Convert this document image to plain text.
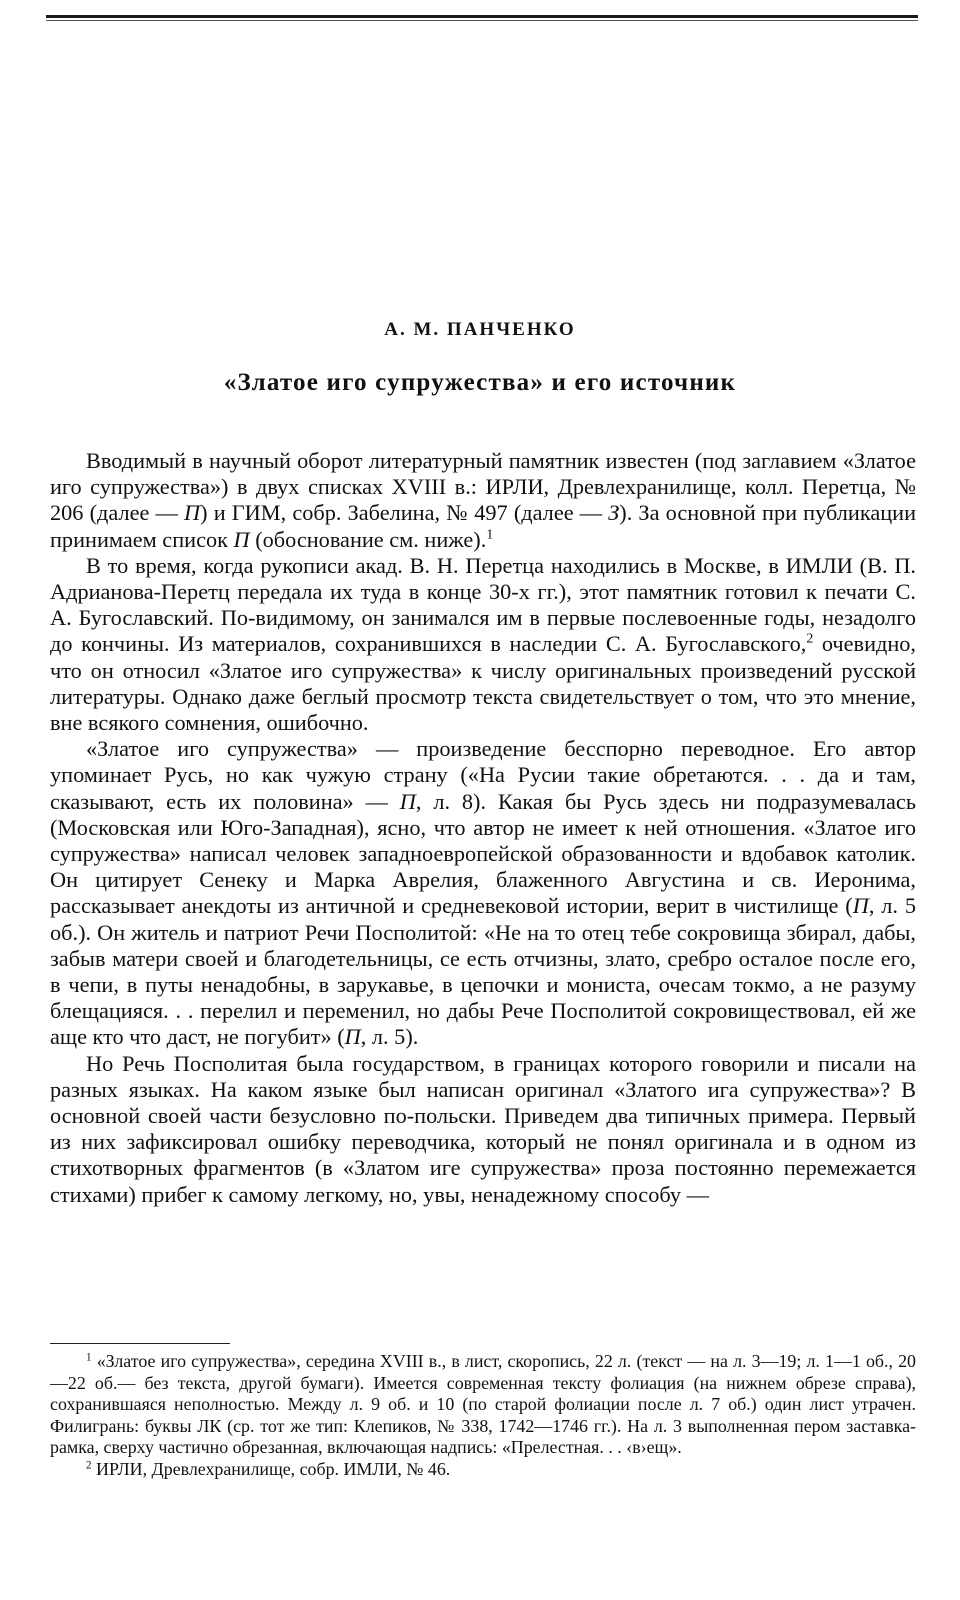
А. М. ПАНЧЕНКО
«Златое иго супружества» и его источник

Вводимый в научный оборот литературный памятник известен (под заглавием «Златое иго супружества») в двух списках XVIII в.: ИРЛИ, Древлехранилище, колл. Перетца, № 206 (далее — П) и ГИМ, собр. Забелина, № 497 (далее — З). За основной при публикации принимаем список П (обоснование см. ниже).$^1$

В то время, когда рукописи акад. В. Н. Перетца находились в Москве, в ИМЛИ (В. П. Адрианова-Перетц передала их туда в конце 30-х гг.), этот памятник готовил к печати С. А. Бугославский. По-видимому, он занимался им в первые послевоенные годы, незадолго до кончины. Из материалов, сохранившихся в наследии С. А. Бугославского,$^2$ очевидно, что он относил «Златое иго супружества» к числу оригинальных произведений русской литературы. Однако даже беглый просмотр текста свидетельствует о том, что это мнение, вне всякого сомнения, ошибочно.

«Златое иго супружества» — произведение бесспорно переводное. Его автор упоминает Русь, но как чужую страну («На Русии такие обретаются. . . да и там, сказывают, есть их половина» — П, л. 8). Какая бы Русь здесь ни подразумевалась (Московская или Юго-Западная), ясно, что автор не имеет к ней отношения. «Златое иго супружества» написал человек западноевропейской образованности и вдобавок католик. Он цитирует Сенеку и Марка Аврелия, блаженного Августина и св. Иеронима, рассказывает анекдоты из античной и средневековой истории, верит в чистилище (П, л. 5 об.). Он житель и патриот Речи Посполитой: «Не на то отец тебе сокровища збирал, дабы, забыв матери своей и благодетельницы, се есть отчизны, злато, сребро осталое после его, в чепи, в путы ненадобны, в зарукавье, в цепочки и мониста, очесам токмо, а не разуму блещацияся. . . перелил и переменил, но дабы Рече Посполитой сокровиществовал, ей же аще кто что даст, не погубит» (П, л. 5).

Но Речь Посполитая была государством, в границах которого говорили и писали на разных языках. На каком языке был написан оригинал «Златого ига супружества»? В основной своей части безусловно по-польски. Приведем два типичных примера. Первый из них зафиксировал ошибку переводчика, который не понял оригинала и в одном из стихотворных фрагментов (в «Златом иге супружества» проза постоянно перемежается стихами) прибег к самому легкому, но, увы, ненадежному способу —

$^1$ «Златое иго супружества», середина XVIII в., в лист, скоропись, 22 л. (текст — на л. 3—19; л. 1—1 об., 20—22 об.— без текста, другой бумаги). Имеется современная тексту фолиация (на нижнем обрезе справа), сохранившаяся неполностью. Между л. 9 об. и 10 (по старой фолиации после л. 7 об.) один лист утрачен. Филигрань: буквы ЛК (ср. тот же тип: Клепиков, № 338, 1742—1746 гг.). На л. 3 выполненная пером заставка-рамка, сверху частично обрезанная, включающая надпись: «Прелестная. . . ‹в›ещ».

$^2$ ИРЛИ, Древлехранилище, собр. ИМЛИ, № 46.
